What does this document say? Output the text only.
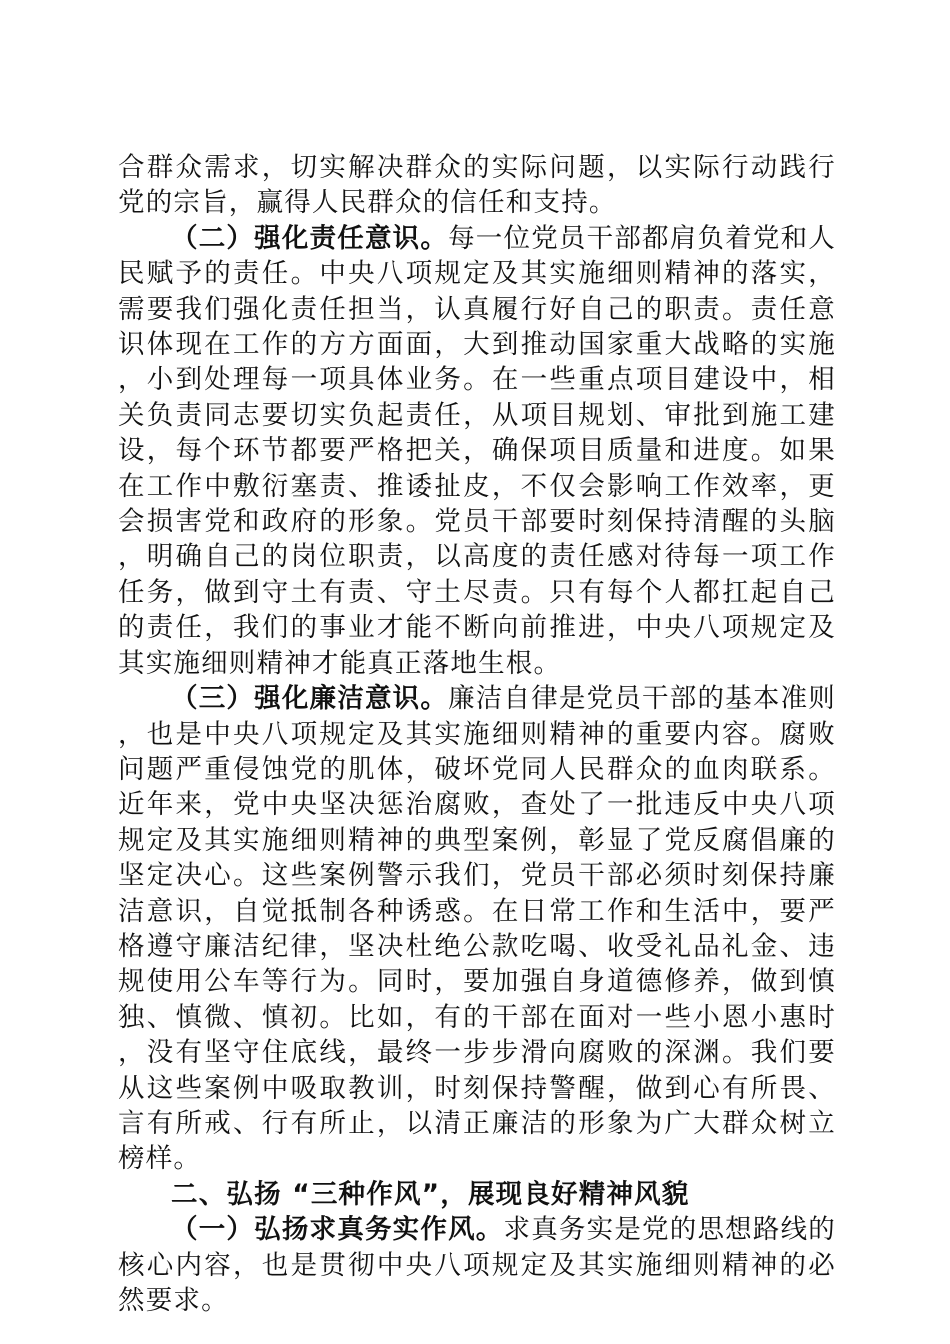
合群众需求，切实解决群众的实际问题，以实际行动践行党的宗旨，赢得人民群众的信任和支持。

（二）强化责任意识。每一位党员干部都肩负着党和人民赋予的责任。中央八项规定及其实施细则精神的落实，需要我们强化责任担当，认真履行好自己的职责。责任意识体现在工作的方方面面，大到推动国家重大战略的实施，小到处理每一项具体业务。在一些重点项目建设中，相关负责同志要切实负起责任，从项目规划、审批到施工建设，每个环节都要严格把关，确保项目质量和进度。如果在工作中敷衍塞责、推诿扯皮，不仅会影响工作效率，更会损害党和政府的形象。党员干部要时刻保持清醒的头脑，明确自己的岗位职责，以高度的责任感对待每一项工作任务，做到守土有责、守土尽责。只有每个人都扛起自己的责任，我们的事业才能不断向前推进，中央八项规定及其实施细则精神才能真正落地生根。

（三）强化廉洁意识。廉洁自律是党员干部的基本准则，也是中央八项规定及其实施细则精神的重要内容。腐败问题严重侵蚀党的肌体，破坏党同人民群众的血肉联系。近年来，党中央坚决惩治腐败，查处了一批违反中央八项规定及其实施细则精神的典型案例，彰显了党反腐倡廉的坚定决心。这些案例警示我们，党员干部必须时刻保持廉洁意识，自觉抵制各种诱惑。在日常工作和生活中，要严格遵守廉洁纪律，坚决杜绝公款吃喝、收受礼品礼金、违规使用公车等行为。同时，要加强自身道德修养，做到慎独、慎微、慎初。比如，有的干部在面对一些小恩小惠时，没有坚守住底线，最终一步步滑向腐败的深渊。我们要从这些案例中吸取教训，时刻保持警醒，做到心有所畏、言有所戒、行有所止，以清正廉洁的形象为广大群众树立榜样。

二、弘扬 “三种作风”，展现良好精神风貌

（一）弘扬求真务实作风。求真务实是党的思想路线的核心内容，也是贯彻中央八项规定及其实施细则精神的必然要求。
